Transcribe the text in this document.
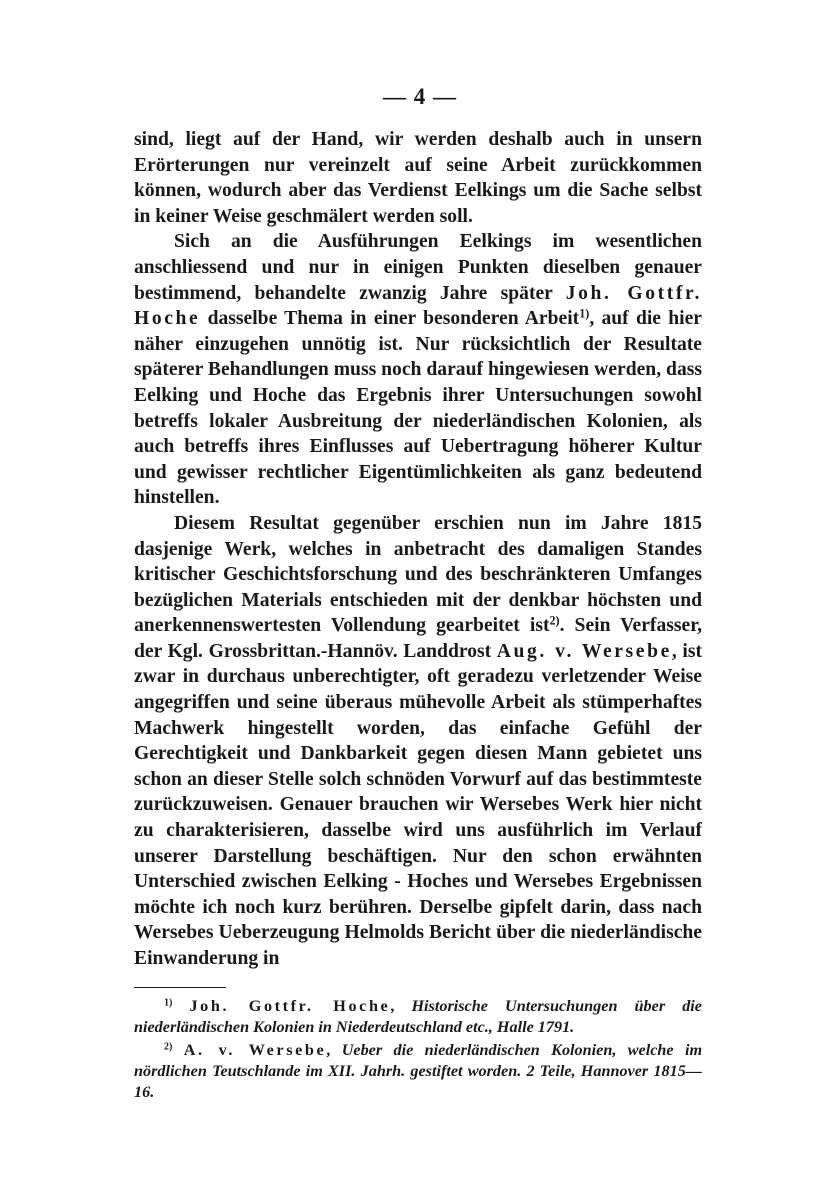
— 4 —

sind, liegt auf der Hand, wir werden deshalb auch in unsern Erörterungen nur vereinzelt auf seine Arbeit zurückkommen können, wodurch aber das Verdienst Eelkings um die Sache selbst in keiner Weise geschmälert werden soll.

Sich an die Ausführungen Eelkings im wesentlichen anschliessend und nur in einigen Punkten dieselben genauer bestimmend, behandelte zwanzig Jahre später Joh. Gottfr. Hoche dasselbe Thema in einer besonderen Arbeit$^{1)}$, auf die hier näher einzugehen unnötig ist. Nur rücksichtlich der Resultate späterer Behandlungen muss noch darauf hingewiesen werden, dass Eelking und Hoche das Ergebnis ihrer Untersuchungen sowohl betreffs lokaler Ausbreitung der niederländischen Kolonien, als auch betreffs ihres Einflusses auf Uebertragung höherer Kultur und gewisser rechtlicher Eigentümlichkeiten als ganz bedeutend hinstellen.

Diesem Resultat gegenüber erschien nun im Jahre 1815 dasjenige Werk, welches in anbetracht des damaligen Standes kritischer Geschichtsforschung und des beschränkteren Umfanges bezüglichen Materials entschieden mit der denkbar höchsten und anerkennenswertesten Vollendung gearbeitet ist$^{2)}$. Sein Verfasser, der Kgl. Grossbrittan.-Hannöv. Landdrost Aug. v. Wersebe, ist zwar in durchaus unberechtigter, oft geradezu verletzender Weise angegriffen und seine überaus mühevolle Arbeit als stümperhaftes Machwerk hingestellt worden, das einfache Gefühl der Gerechtigkeit und Dankbarkeit gegen diesen Mann gebietet uns schon an dieser Stelle solch schnöden Vorwurf auf das bestimmteste zurückzuweisen. Genauer brauchen wir Wersebes Werk hier nicht zu charakterisieren, dasselbe wird uns ausführlich im Verlauf unserer Darstellung beschäftigen. Nur den schon erwähnten Unterschied zwischen Eelking - Hoches und Wersebes Ergebnissen möchte ich noch kurz berühren. Derselbe gipfelt darin, dass nach Wersebes Ueberzeugung Helmolds Bericht über die niederländische Einwanderung in

$^{1)}$ Joh. Gottfr. Hoche, Historische Untersuchungen über die niederländischen Kolonien in Niederdeutschland etc., Halle 1791.

$^{2)}$ A. v. Wersebe, Ueber die niederländischen Kolonien, welche im nördlichen Teutschlande im XII. Jahrh. gestiftet worden. 2 Teile, Hannover 1815—16.
